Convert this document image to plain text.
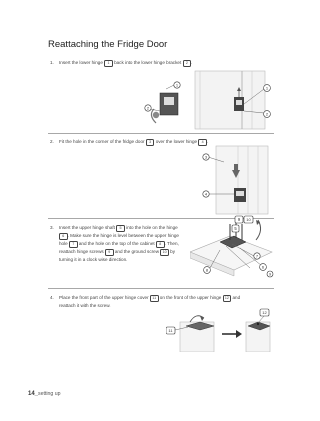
Reattaching the Fridge Door
1. Insert the lower hinge 1 back into the lower hinge bracket 2 .
1
2
1
2
2. Fit the hole in the corner of the fridge door 3 over the lower hinge 4 .
3
4
3. Insert the upper hinge shaft 5 into the hole on the hinge
6 . Make sure the hinge is level between the upper hinge
hole 7 and the hole on the top of the cabinet 8 . Then,
reattach hinge screws 9 and the ground screw 10 by
turning it in a clock wise direction.
9 10
5
7
8
6
9
4. Place the front part of the upper hinge cover 11 on the front of the upper hinge 12 and
reattach it with the screw.
11
12
14_setting up
